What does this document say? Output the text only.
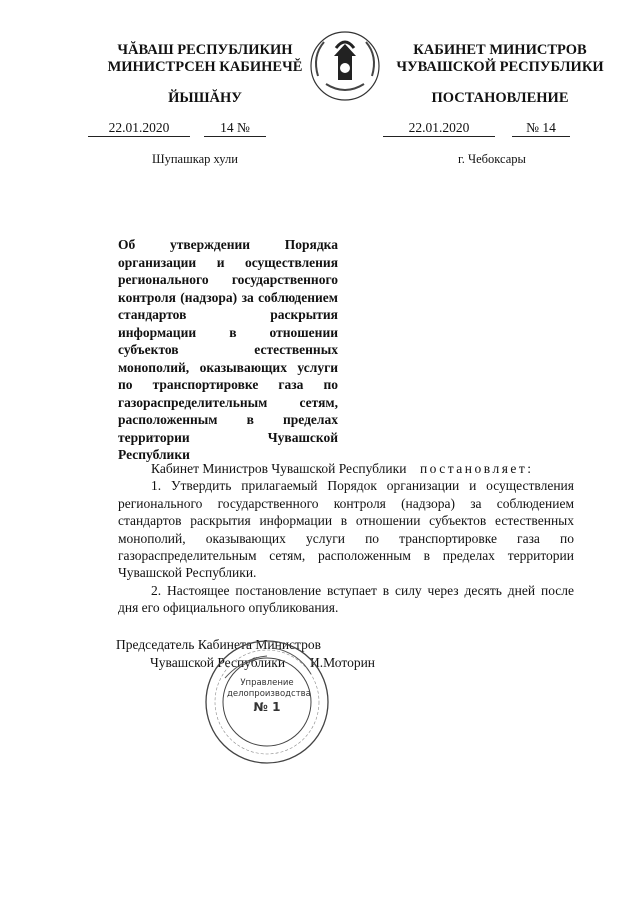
ЧĂВАШ РЕСПУБЛИКИН
МИНИСТРСЕН КАБИНЕЧĔ
КАБИНЕТ МИНИСТРОВ
ЧУВАШСКОЙ РЕСПУБЛИКИ
ЙЫШĂНУ	ПОСТАНОВЛЕНИЕ
22.01.2020	14 №	22.01.2020	№ 14
Шупашкар хули	г. Чебоксары
Об утверждении Порядка организации и осуществления регионального государственного контроля (надзора) за соблюдением стандартов раскрытия информации в отношении субъектов естественных монополий, оказывающих услуги по транспортировке газа по газораспределительным сетям, расположенным в пределах территории Чувашской Республики

Кабинет Министров Чувашской Республики постановляет:

1. Утвердить прилагаемый Порядок организации и осуществления регионального государственного контроля (надзора) за соблюдением стандартов раскрытия информации в отношении субъектов естественных монополий, оказывающих услуги по транспортировке газа по газораспределительным сетям, расположенным в пределах территории Чувашской Республики.

2. Настоящее постановление вступает в силу через десять дней после дня его официального опубликования.

Председатель Кабинета Министров
Чувашской Республики И.Моторин
Управление
делопроизводства
№ 1
